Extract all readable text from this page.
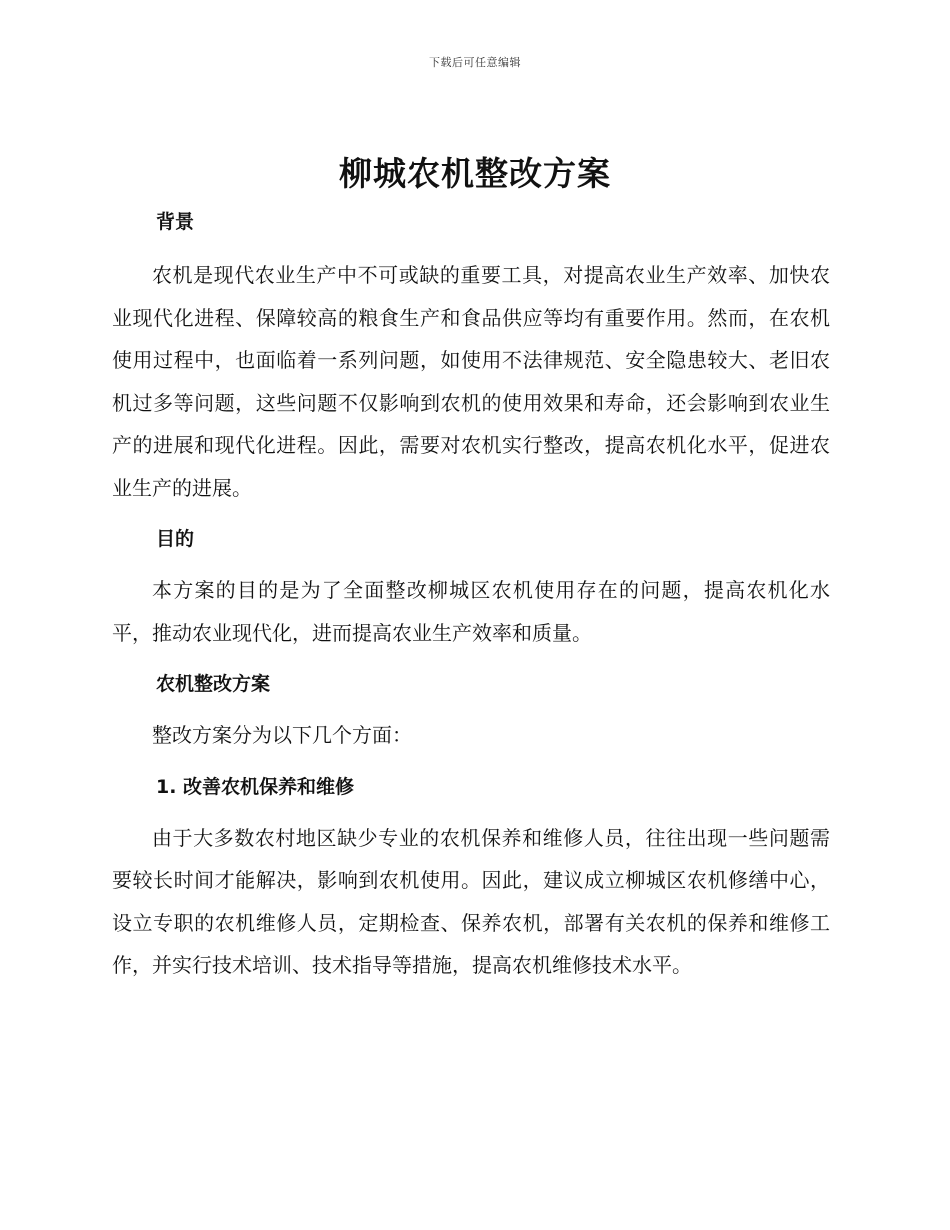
下载后可任意编辑
柳城农机整改方案
背景

农机是现代农业生产中不可或缺的重要工具，对提高农业生产效率、加快农业现代化进程、保障较高的粮食生产和食品供应等均有重要作用。然而，在农机使用过程中，也面临着一系列问题，如使用不法律规范、安全隐患较大、老旧农机过多等问题，这些问题不仅影响到农机的使用效果和寿命，还会影响到农业生产的进展和现代化进程。因此，需要对农机实行整改，提高农机化水平，促进农业生产的进展。

目的

本方案的目的是为了全面整改柳城区农机使用存在的问题，提高农机化水平，推动农业现代化，进而提高农业生产效率和质量。

农机整改方案

整改方案分为以下几个方面：

1. 改善农机保养和维修

由于大多数农村地区缺少专业的农机保养和维修人员，往往出现一些问题需要较长时间才能解决，影响到农机使用。因此，建议成立柳城区农机修缮中心，设立专职的农机维修人员，定期检查、保养农机，部署有关农机的保养和维修工作，并实行技术培训、技术指导等措施，提高农机维修技术水平。
